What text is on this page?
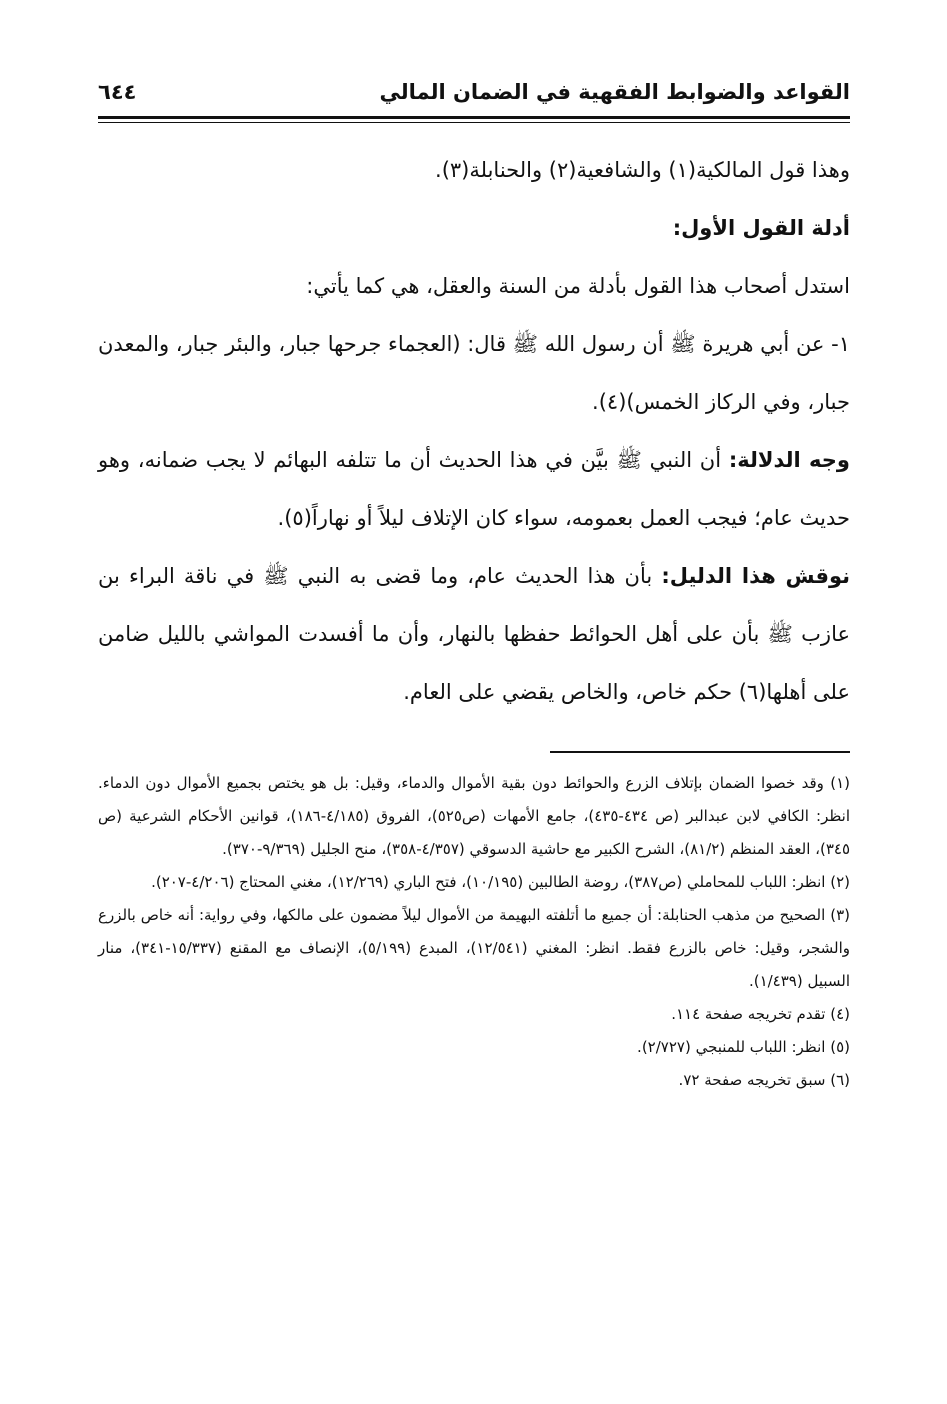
القواعد والضوابط الفقهية في الضمان المالي
٦٤٤

وهذا قول المالكية(١) والشافعية(٢) والحنابلة(٣).

أدلة القول الأول:

استدل أصحاب هذا القول بأدلة من السنة والعقل، هي كما يأتي:

١- عن أبي هريرة ﷺ أن رسول الله ﷺ قال: (العجماء جرحها جبار، والبئر جبار، والمعدن جبار، وفي الركاز الخمس)(٤).

وجه الدلالة: أن النبي ﷺ بيَّن في هذا الحديث أن ما تتلفه البهائم لا يجب ضمانه، وهو حديث عام؛ فيجب العمل بعمومه، سواء كان الإتلاف ليلاً أو نهاراً(٥).

نوقش هذا الدليل: بأن هذا الحديث عام، وما قضى به النبي ﷺ في ناقة البراء بن عازب ﷺ بأن على أهل الحوائط حفظها بالنهار، وأن ما أفسدت المواشي بالليل ضامن على أهلها(٦) حكم خاص، والخاص يقضي على العام.

(١) وقد خصوا الضمان بإتلاف الزرع والحوائط دون بقية الأموال والدماء، وقيل: بل هو يختص بجميع الأموال دون الدماء. انظر: الكافي لابن عبدالبر (ص ٤٣٤-٤٣٥)، جامع الأمهات (ص٥٢٥)، الفروق (٤/١٨٥-١٨٦)، قوانين الأحكام الشرعية (ص ٣٤٥)، العقد المنظم (٨١/٢)، الشرح الكبير مع حاشية الدسوقي (٤/٣٥٧-٣٥٨)، منح الجليل (٩/٣٦٩-٣٧٠).

(٢) انظر: اللباب للمحاملي (ص٣٨٧)، روضة الطالبين (١٠/١٩٥)، فتح الباري (١٢/٢٦٩)، مغني المحتاج (٤/٢٠٦-٢٠٧).

(٣) الصحيح من مذهب الحنابلة: أن جميع ما أتلفته البهيمة من الأموال ليلاً مضمون على مالكها، وفي رواية: أنه خاص بالزرع والشجر، وقيل: خاص بالزرع فقط. انظر: المغني (١٢/٥٤١)، المبدع (٥/١٩٩)، الإنصاف مع المقنع (١٥/٣٣٧-٣٤١)، منار السبيل (١/٤٣٩).

(٤) تقدم تخريجه صفحة ١١٤.

(٥) انظر: اللباب للمنبجي (٢/٧٢٧).

(٦) سبق تخريجه صفحة ٧٢.
